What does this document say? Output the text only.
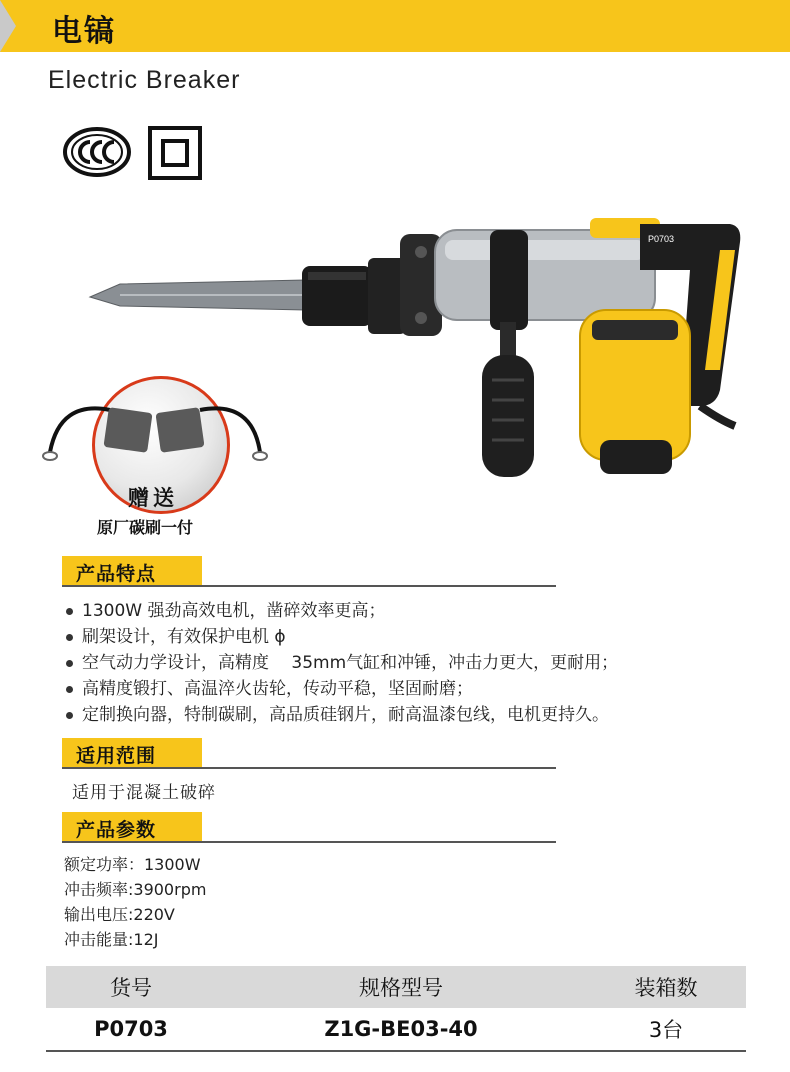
电镐
Electric Breaker
P0703
赠送
原厂碳刷一付
产品特点
1300W 强劲高效电机，凿碎效率更高；
刷架设计，有效保护电机 ϕ
空气动力学设计，高精度　 35mm气缸和冲锤，冲击力更大，更耐用；
高精度锻打、高温淬火齿轮，传动平稳，坚固耐磨；
定制换向器，特制碳刷，高品质硅钢片，耐高温漆包线，电机更持久。
适用范围
适用于混凝土破碎
产品参数
额定功率：1300W
冲击频率:3900rpm
输出电压:220V
冲击能量:12J
货号	规格型号	装箱数
P0703	Z1G-BE03-40	3台
